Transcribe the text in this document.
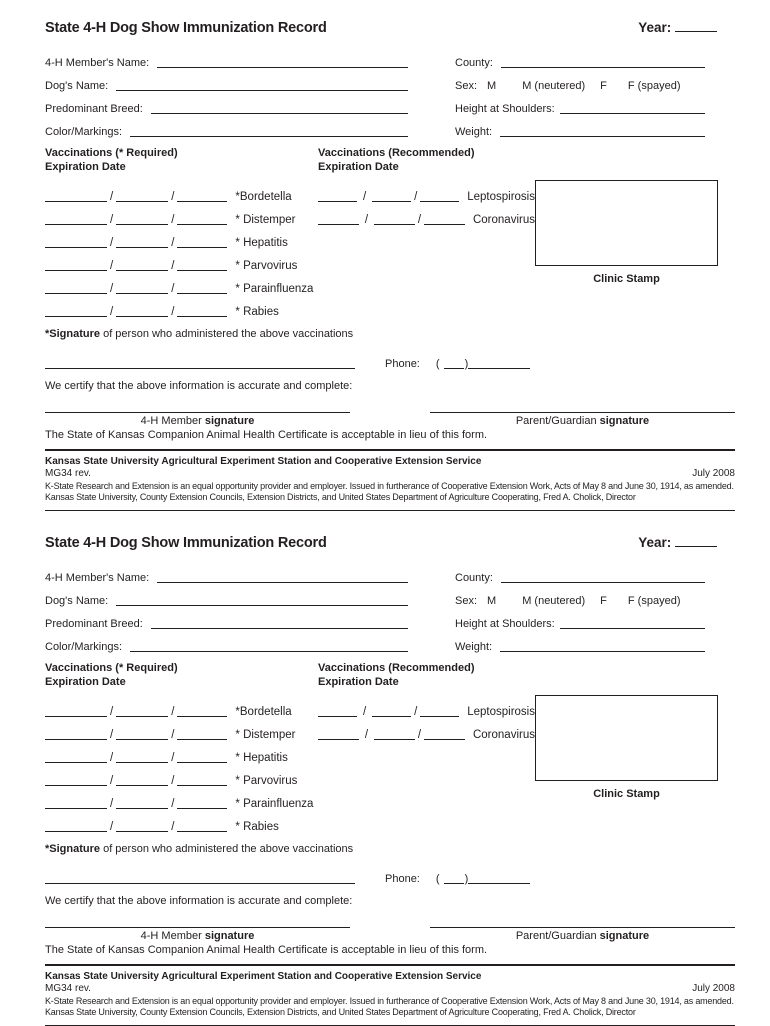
State 4-H Dog Show Immunization Record	Year:
4-H Member's Name:
Dog's Name:
Predominant Breed:
Color/Markings:
County:
Sex: M M (neutered) F F (spayed)
Height at Shoulders:
Weight:
Vaccinations (* Required)
Expiration Date
/	/	*Bordetella
/	/	* Distemper
/	/	* Hepatitis
/	/	* Parvovirus
/	/	* Parainfluenza
/	/	* Rabies
Vaccinations (Recommended)
Expiration Date
/	/	Leptospirosis
/	/	Coronavirus
Clinic Stamp
*Signature of person who administered the above vaccinations
Phone: ( )
We certify that the above information is accurate and complete:
4-H Member signature	Parent/Guardian signature
The State of Kansas Companion Animal Health Certificate is acceptable in lieu of this form.
Kansas State University Agricultural Experiment Station and Cooperative Extension Service
MG34 rev.	July 2008
K-State Research and Extension is an equal opportunity provider and employer. Issued in furtherance of Cooperative Extension Work, Acts of May 8 and June 30, 1914, as amended. Kansas State University, County Extension Councils, Extension Districts, and United States Department of Agriculture Cooperating, Fred A. Cholick, Director
State 4-H Dog Show Immunization Record	Year:
4-H Member's Name:
Dog's Name:
Predominant Breed:
Color/Markings:
County:
Sex: M M (neutered) F F (spayed)
Height at Shoulders:
Weight:
Vaccinations (* Required)
Expiration Date
/	/	*Bordetella
/	/	* Distemper
/	/	* Hepatitis
/	/	* Parvovirus
/	/	* Parainfluenza
/	/	* Rabies
Vaccinations (Recommended)
Expiration Date
/	/	Leptospirosis
/	/	Coronavirus
Clinic Stamp
*Signature of person who administered the above vaccinations
Phone: ( )
We certify that the above information is accurate and complete:
4-H Member signature	Parent/Guardian signature
The State of Kansas Companion Animal Health Certificate is acceptable in lieu of this form.
Kansas State University Agricultural Experiment Station and Cooperative Extension Service
MG34 rev.	July 2008
K-State Research and Extension is an equal opportunity provider and employer. Issued in furtherance of Cooperative Extension Work, Acts of May 8 and June 30, 1914, as amended. Kansas State University, County Extension Councils, Extension Districts, and United States Department of Agriculture Cooperating, Fred A. Cholick, Director
